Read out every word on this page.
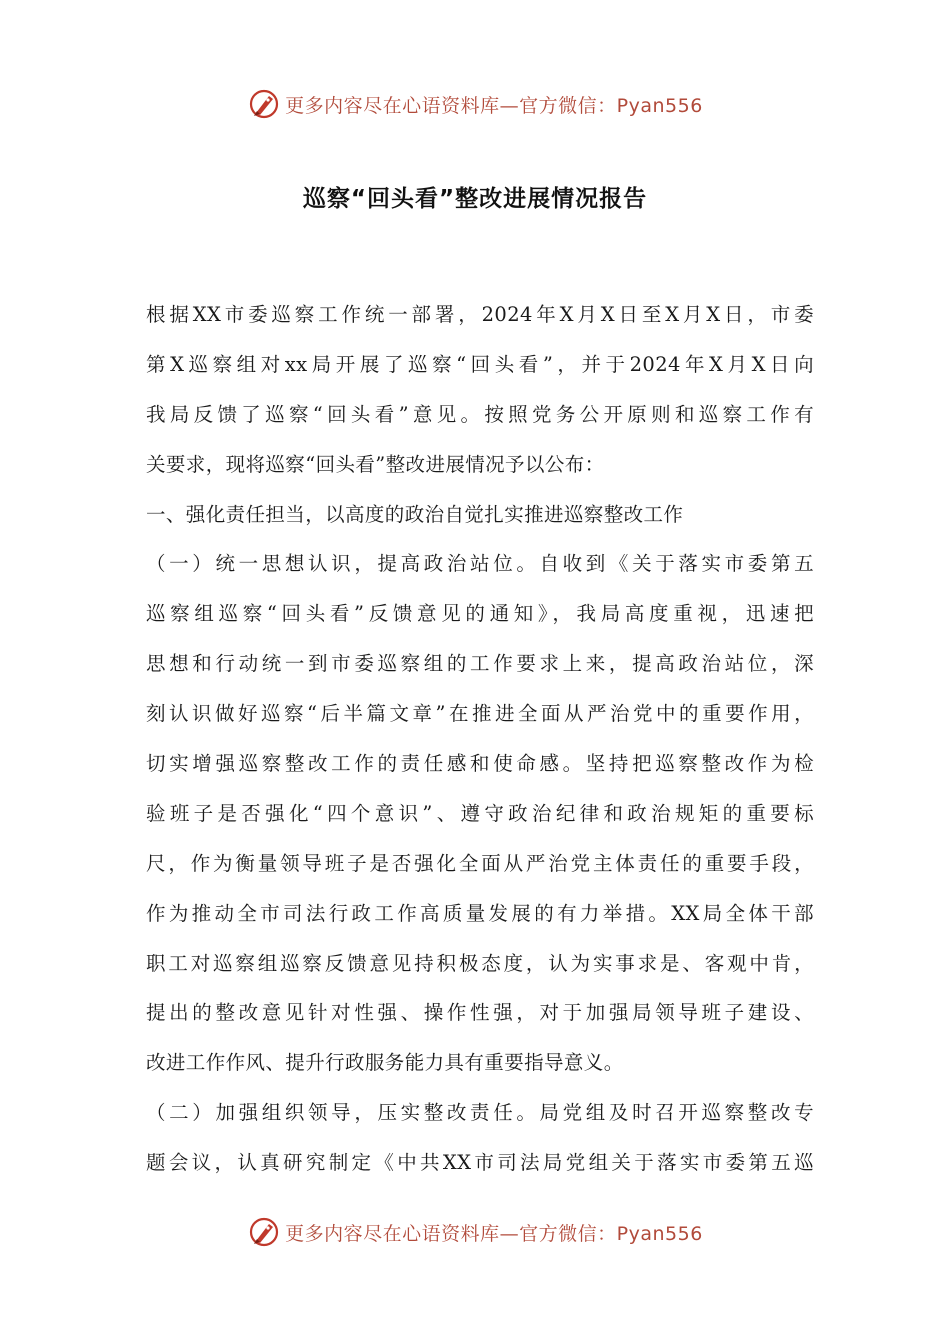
更多内容尽在心语资料库—官方微信：Pyan556
巡察“回头看”整改进展情况报告
根据XX市委巡察工作统一部署，2024年X月X日至X月X日，市委
第X巡察组对xx局开展了巡察“回头看”，并于2024年X月X日向
我局反馈了巡察“回头看”意见。按照党务公开原则和巡察工作有
关要求，现将巡察“回头看”整改进展情况予以公布：
一、强化责任担当，以高度的政治自觉扎实推进巡察整改工作
（一）统一思想认识，提高政治站位。自收到《关于落实市委第五
巡察组巡察“回头看”反馈意见的通知》，我局高度重视，迅速把
思想和行动统一到市委巡察组的工作要求上来，提高政治站位，深
刻认识做好巡察“后半篇文章”在推进全面从严治党中的重要作用，
切实增强巡察整改工作的责任感和使命感。坚持把巡察整改作为检
验班子是否强化“四个意识”、遵守政治纪律和政治规矩的重要标
尺，作为衡量领导班子是否强化全面从严治党主体责任的重要手段，
作为推动全市司法行政工作高质量发展的有力举措。XX局全体干部
职工对巡察组巡察反馈意见持积极态度，认为实事求是、客观中肯，
提出的整改意见针对性强、操作性强，对于加强局领导班子建设、
改进工作作风、提升行政服务能力具有重要指导意义。
（二）加强组织领导，压实整改责任。局党组及时召开巡察整改专
题会议，认真研究制定《中共XX市司法局党组关于落实市委第五巡
更多内容尽在心语资料库—官方微信：Pyan556
